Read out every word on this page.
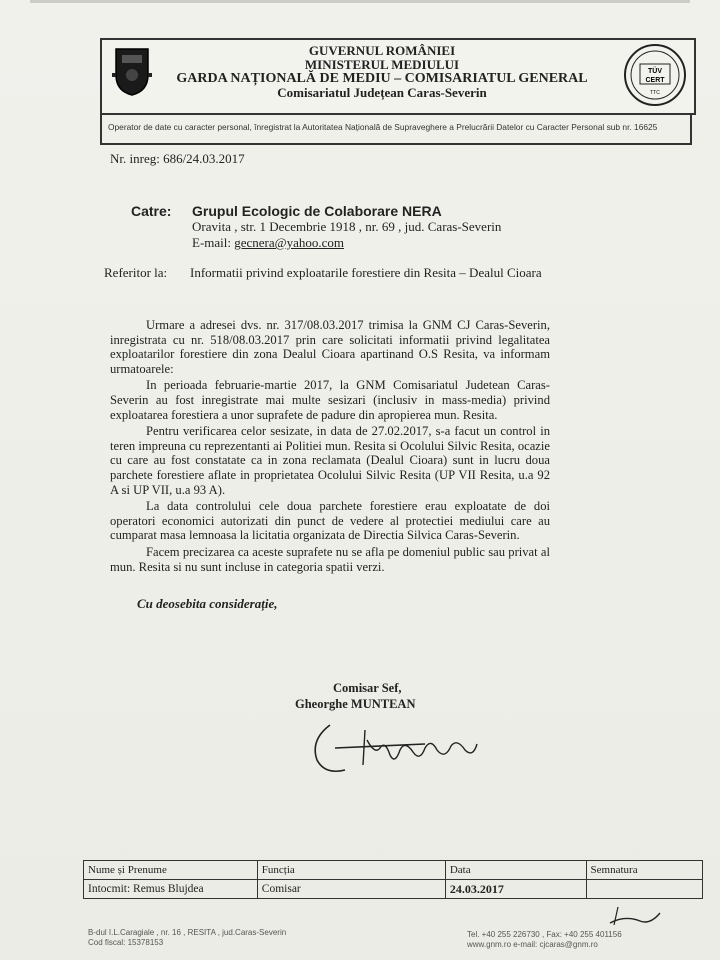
GUVERNUL ROMÂNIEI
MINISTERUL MEDIULUI
GARDA NAȚIONALĂ DE MEDIU – COMISARIATUL GENERAL
Comisariatul Județean Caras-Severin
TÜV
CERT
TTC
Operator de date cu caracter personal, înregistrat la Autoritatea Națională de Supraveghere a Prelucrării Datelor cu Caracter Personal sub nr. 16625
Nr. inreg: 686/24.03.2017
Catre: Grupul Ecologic de Colaborare NERA
Oravita , str. 1 Decembrie 1918 , nr. 69 , jud. Caras-Severin
E-mail: gecnera@yahoo.com
Referitor la: Informatii privind exploatarile forestiere din Resita – Dealul Cioara

Urmare a adresei dvs. nr. 317/08.03.2017 trimisa la GNM CJ Caras-Severin, inregistrata cu nr. 518/08.03.2017 prin care solicitati informatii privind legalitatea exploatarilor forestiere din zona Dealul Cioara apartinand O.S Resita, va informam urmatoarele:

In perioada februarie-martie 2017, la GNM Comisariatul Judetean Caras-Severin au fost inregistrate mai multe sesizari (inclusiv in mass-media) privind exploatarea forestiera a unor suprafete de padure din apropierea mun. Resita.

Pentru verificarea celor sesizate, in data de 27.02.2017, s-a facut un control in teren impreuna cu reprezentanti ai Politiei mun. Resita si Ocolului Silvic Resita, ocazie cu care au fost constatate ca in zona reclamata (Dealul Cioara) sunt in lucru doua parchete forestiere aflate in proprietatea Ocolului Silvic Resita (UP VII Resita, u.a 92 A si UP VII, u.a 93 A).

La data controlului cele doua parchete forestiere erau exploatate de doi operatori economici autorizati din punct de vedere al protectiei mediului care au cumparat masa lemnoasa la licitatia organizata de Directia Silvica Caras-Severin.

Facem precizarea ca aceste suprafete nu se afla pe domeniul public sau privat al mun. Resita si nu sunt incluse in categoria spatii verzi.

Cu deosebita considerație,
Comisar Sef,
Gheorghe MUNTEAN
Nume și Prenume	Funcția	Data	Semnatura
Intocmit: Remus Blujdea	Comisar	24.03.2017	
B-dul I.L.Caragiale , nr. 16 , RESITA , jud.Caras-Severin
Cod fiscal: 15378153
Tel. +40 255 226730 , Fax: +40 255 401156
www.gnm.ro e-mail: cjcaras@gnm.ro
